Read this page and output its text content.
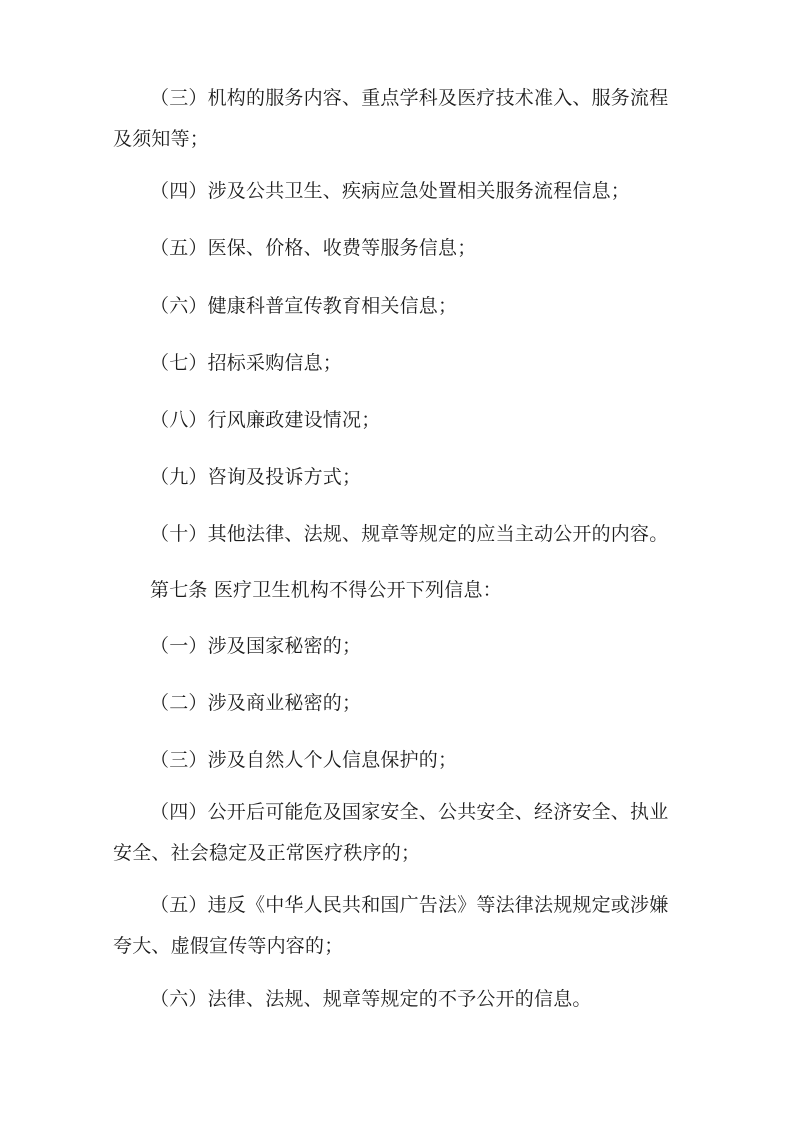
（三）机构的服务内容、重点学科及医疗技术准入、服务流程
及须知等；
（四）涉及公共卫生、疾病应急处置相关服务流程信息；
（五）医保、价格、收费等服务信息；
（六）健康科普宣传教育相关信息；
（七）招标采购信息；
（八）行风廉政建设情况；
（九）咨询及投诉方式；
（十）其他法律、法规、规章等规定的应当主动公开的内容。
第七条 医疗卫生机构不得公开下列信息：
（一）涉及国家秘密的；
（二）涉及商业秘密的；
（三）涉及自然人个人信息保护的；
（四）公开后可能危及国家安全、公共安全、经济安全、执业
安全、社会稳定及正常医疗秩序的；
（五）违反《中华人民共和国广告法》等法律法规规定或涉嫌
夸大、虚假宣传等内容的；
（六）法律、法规、规章等规定的不予公开的信息。
